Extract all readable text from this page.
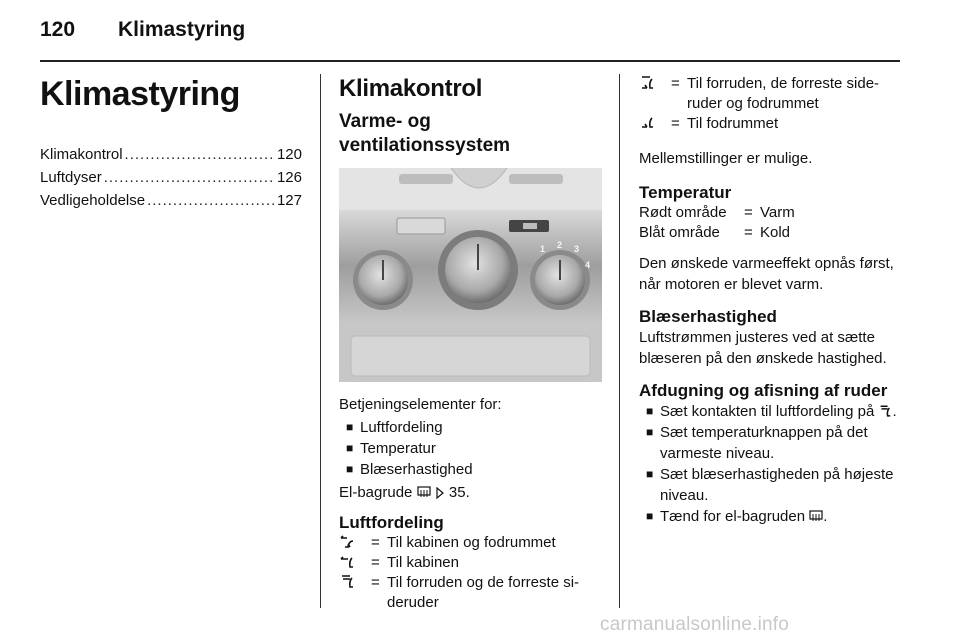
120 Klimastyring
Klimastyring
Klimakontrol .....	120
Luftdyser .....	126
Vedligeholdelse .....	127
Klimakontrol
Varme- og ventilationssystem
1 2 3
4
Betjeningselementer for:
■ Luftfordeling
■ Temperatur
■ Blæserhastighed
El-bagrude 35.
Luftfordeling
= Til kabinen og fodrummet
= Til kabinen
= Til forruden og de forreste si-deruder
= Til forruden, de forreste side-ruder og fodrummet
= Til fodrummet
Mellemstillinger er mulige.
Temperatur
Rødt område	= Varm
Blåt område	= Kold
Den ønskede varmeeffekt opnås først, når motoren er blevet varm.
Blæserhastighed
Luftstrømmen justeres ved at sætte blæseren på den ønskede hastighed.
Afdugning og afisning af ruder
■ Sæt kontakten til luftfordeling på .
■ Sæt temperaturknappen på det varmeste niveau.
■ Sæt blæserhastigheden på højeste niveau.
■ Tænd for el-bagruden .
carmanualsonline.info
